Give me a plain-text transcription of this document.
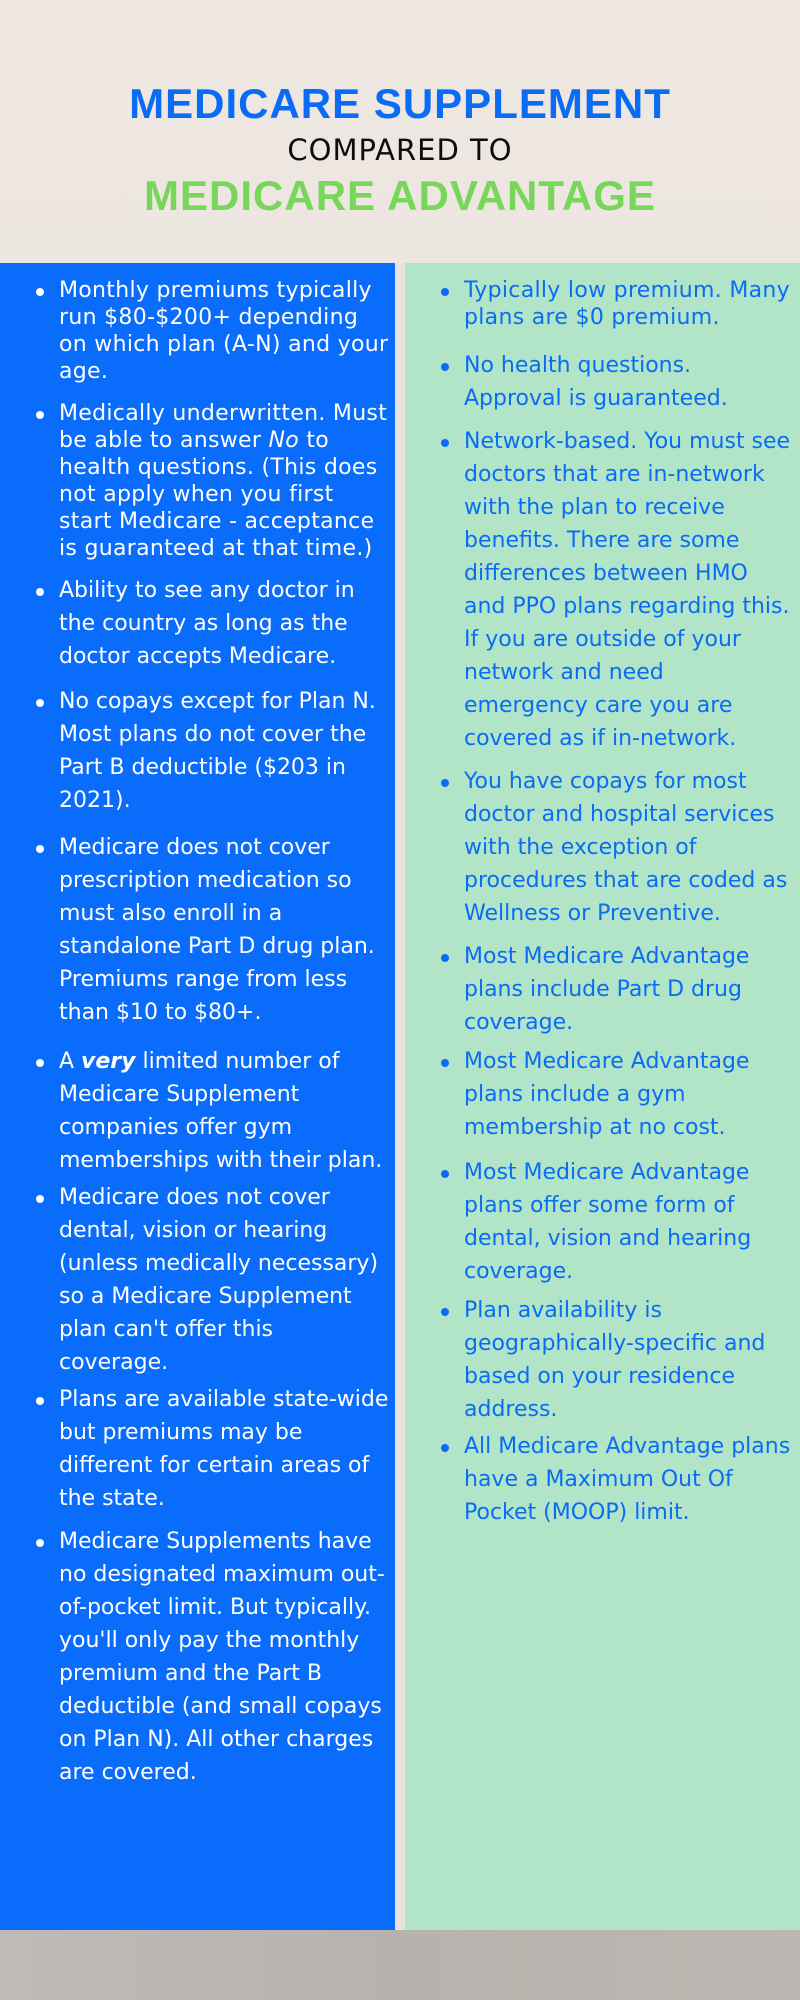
MEDICARE SUPPLEMENT
COMPARED TO
MEDICARE ADVANTAGE
Monthly premiums typically run $80-$200+ depending on which plan (A-N) and your age.
Medically underwritten. Must be able to answer No to health questions. (This does not apply when you first start Medicare - acceptance is guaranteed at that time.)
Ability to see any doctor in the country as long as the doctor accepts Medicare.
No copays except for Plan N. Most plans do not cover the Part B deductible ($203 in 2021).
Medicare does not cover prescription medication so must also enroll in a standalone Part D drug plan. Premiums range from less than $10 to $80+.
A very limited number of Medicare Supplement companies offer gym memberships with their plan.
Medicare does not cover dental, vision or hearing (unless medically necessary) so a Medicare Supplement plan can't offer this coverage.
Plans are available state-wide but premiums may be different for certain areas of the state.
Medicare Supplements have no designated maximum out-of-pocket limit. But typically. you'll only pay the monthly premium and the Part B deductible (and small copays on Plan N). All other charges are covered.
Typically low premium. Many plans are $0 premium.
No health questions. Approval is guaranteed.
Network-based. You must see doctors that are in-network with the plan to receive benefits. There are some differences between HMO and PPO plans regarding this. If you are outside of your network and need emergency care you are covered as if in-network.
You have copays for most doctor and hospital services with the exception of procedures that are coded as Wellness or Preventive.
Most Medicare Advantage plans include Part D drug coverage.
Most Medicare Advantage plans include a gym membership at no cost.
Most Medicare Advantage plans offer some form of dental, vision and hearing coverage.
Plan availability is geographically-specific and based on your residence address.
All Medicare Advantage plans have a Maximum Out Of Pocket (MOOP) limit.
